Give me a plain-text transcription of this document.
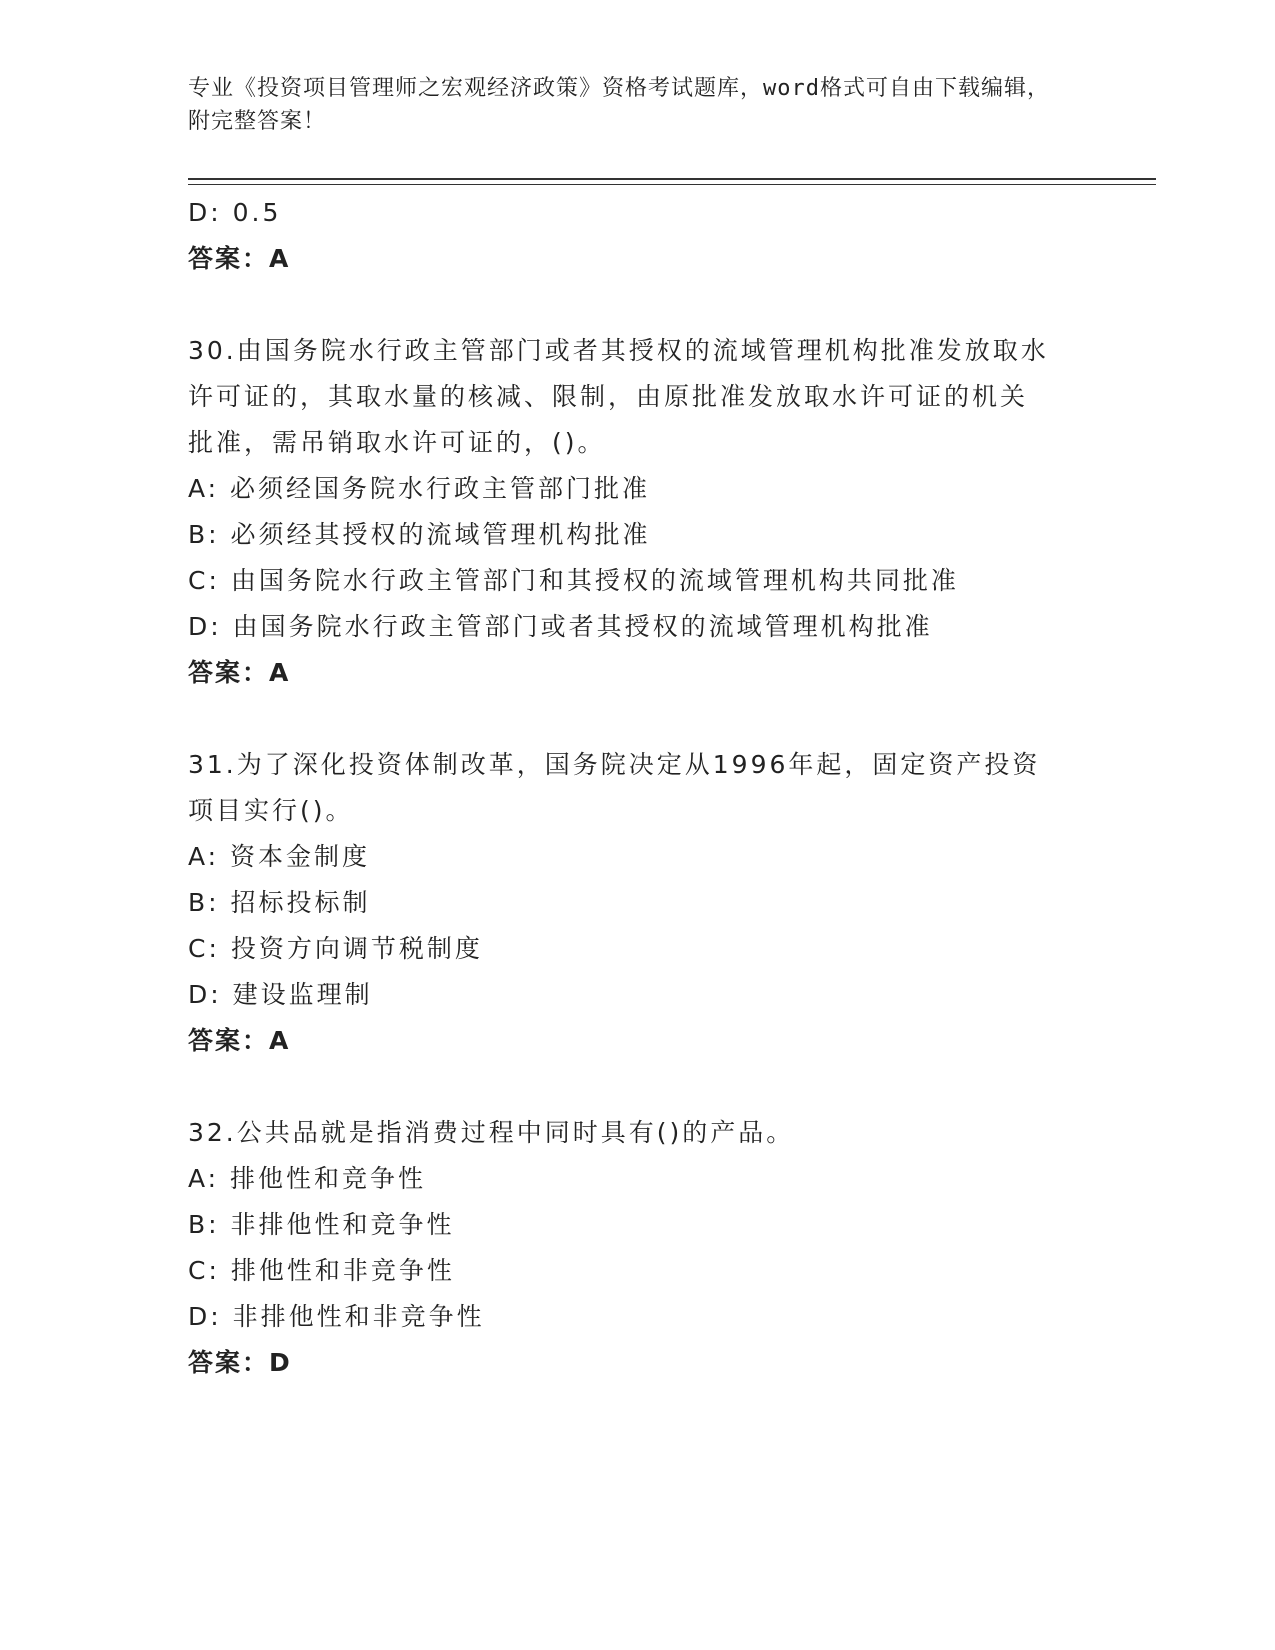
专业《投资项目管理师之宏观经济政策》资格考试题库，word格式可自由下载编辑，附完整答案！
D: 0.5
答案：A
30.由国务院水行政主管部门或者其授权的流域管理机构批准发放取水
许可证的，其取水量的核减、限制，由原批准发放取水许可证的机关
批准，需吊销取水许可证的，()。
A: 必须经国务院水行政主管部门批准
B: 必须经其授权的流域管理机构批准
C: 由国务院水行政主管部门和其授权的流域管理机构共同批准
D: 由国务院水行政主管部门或者其授权的流域管理机构批准
答案：A
31.为了深化投资体制改革，国务院决定从1996年起，固定资产投资
项目实行()。
A: 资本金制度
B: 招标投标制
C: 投资方向调节税制度
D: 建设监理制
答案：A
32.公共品就是指消费过程中同时具有()的产品。
A: 排他性和竞争性
B: 非排他性和竞争性
C: 排他性和非竞争性
D: 非排他性和非竞争性
答案：D
